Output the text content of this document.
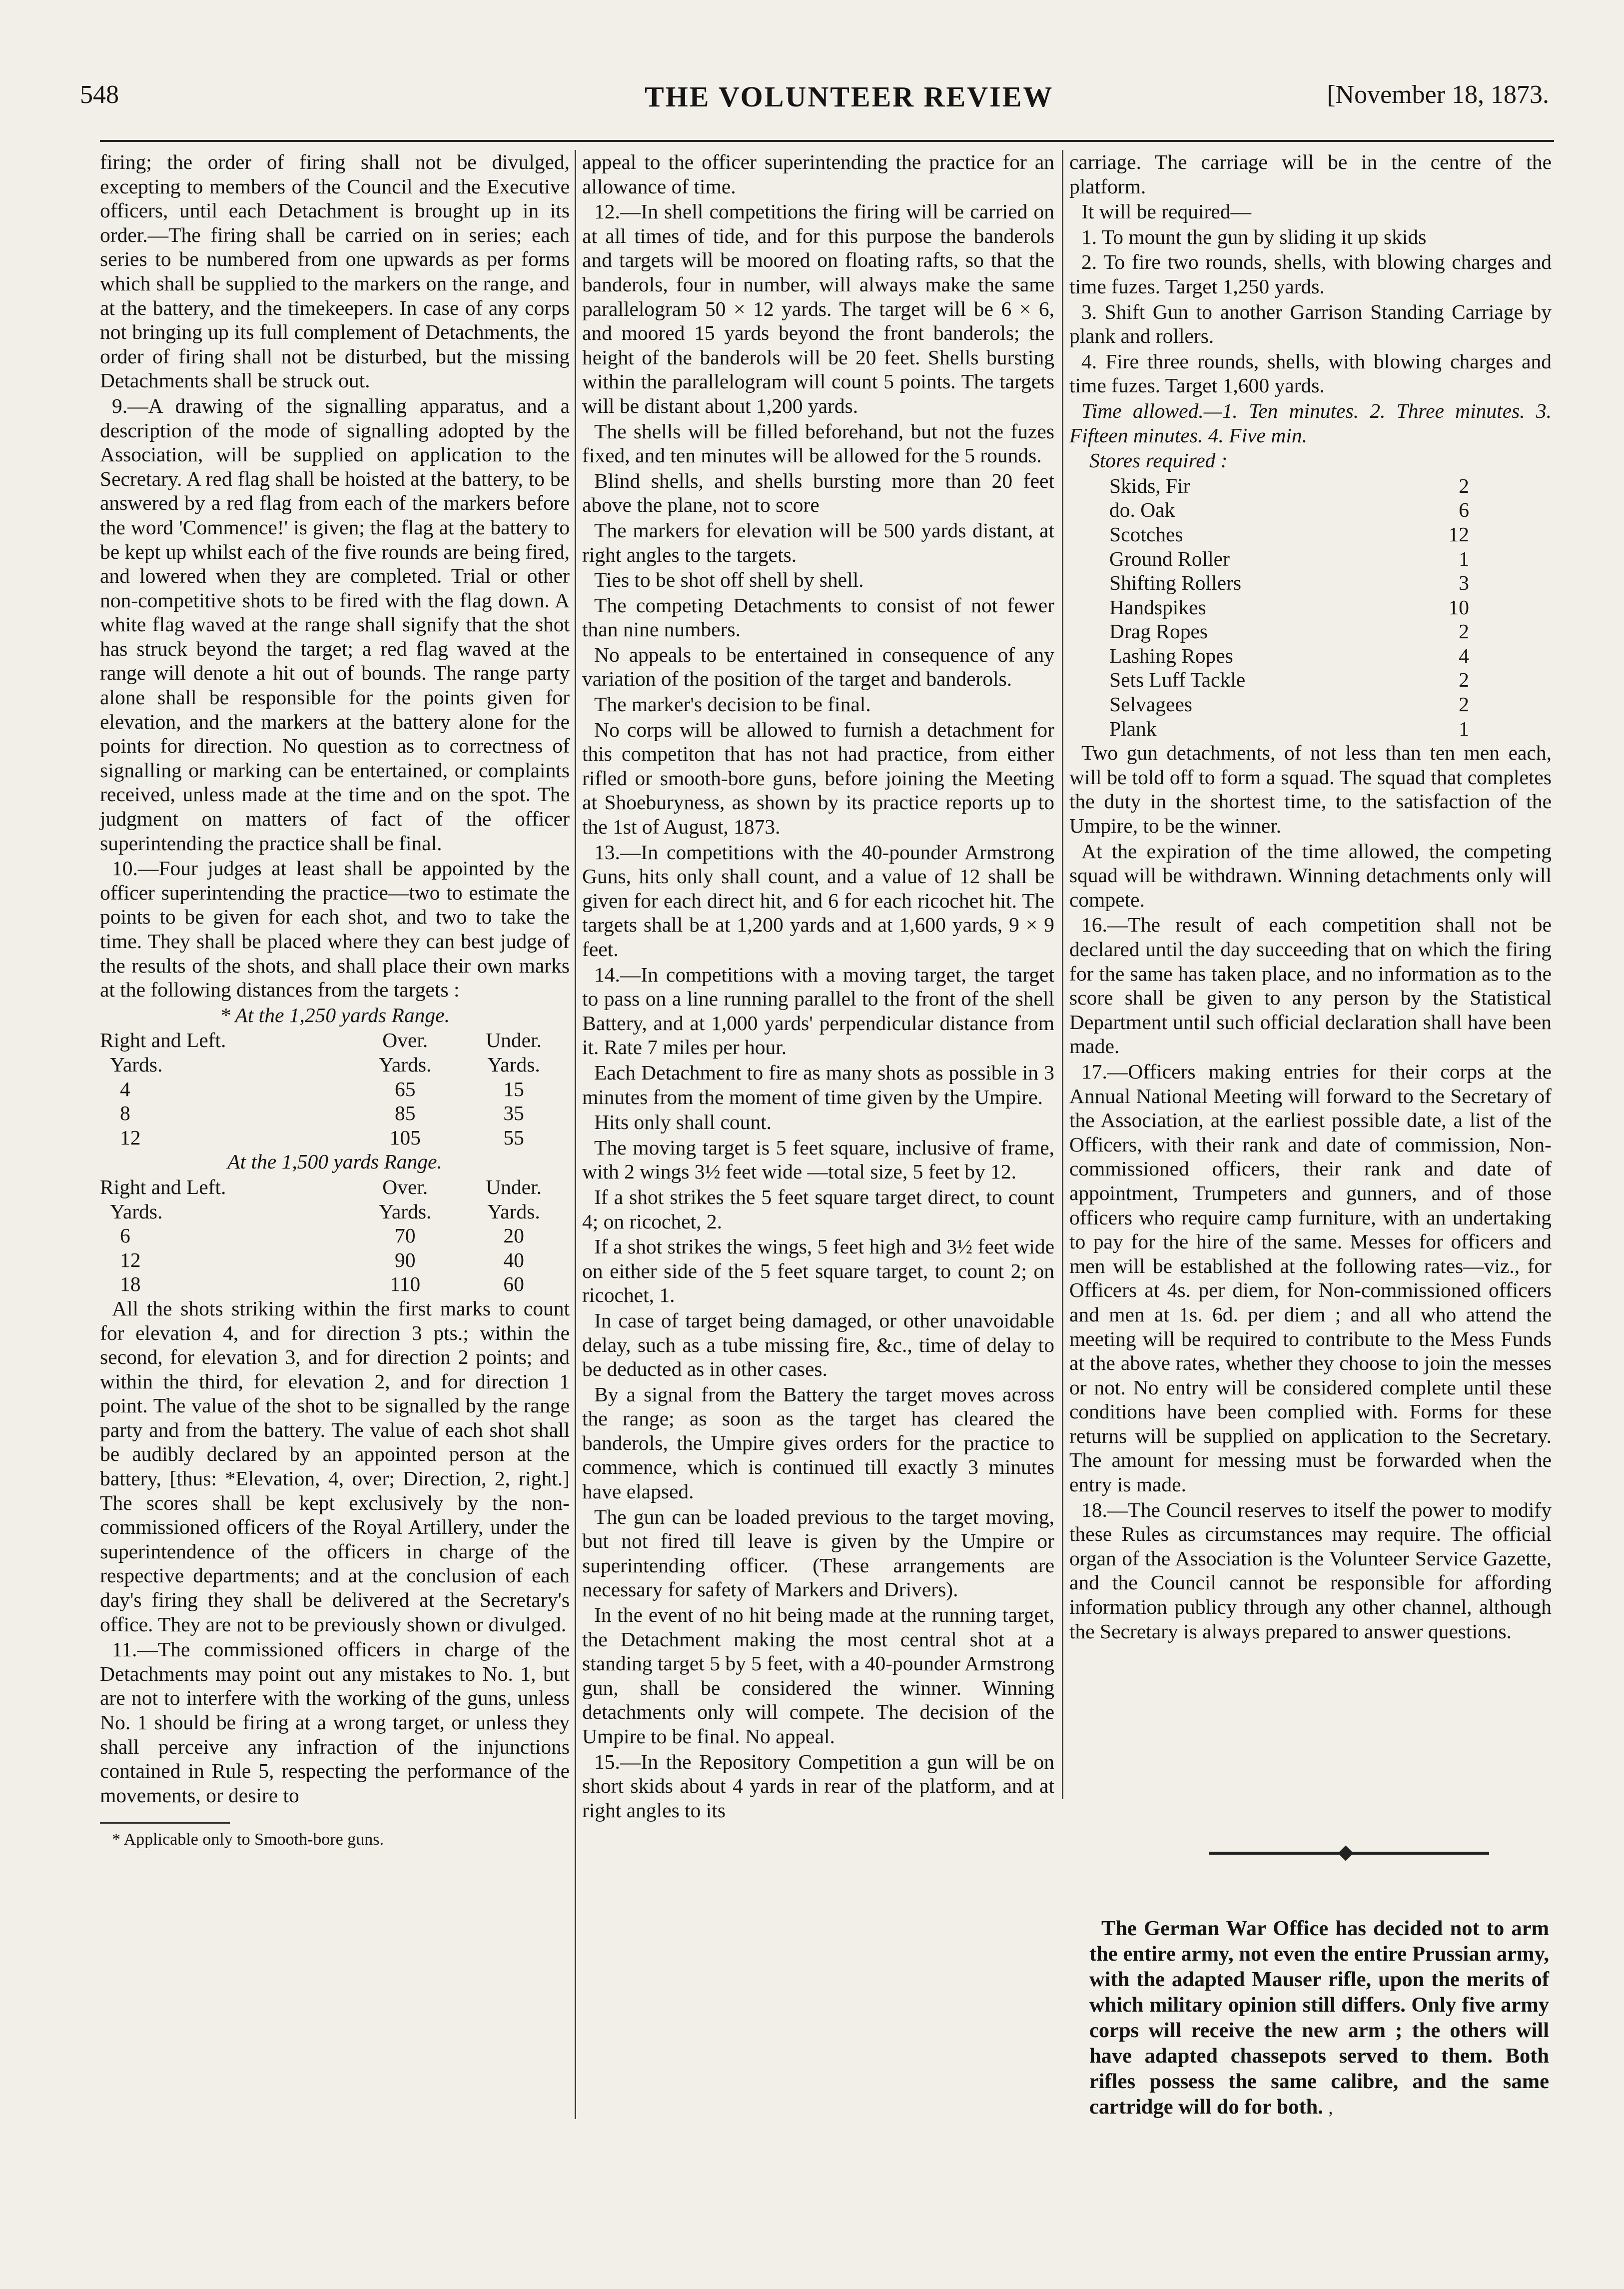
548	THE VOLUNTEER REVIEW	[November 18, 1873.

firing; the order of firing shall not be divulged, excepting to members of the Council and the Executive officers, until each Detachment is brought up in its order.—The firing shall be carried on in series; each series to be numbered from one upwards as per forms which shall be supplied to the markers on the range, and at the battery, and the timekeepers. In case of any corps not bringing up its full complement of Detachments, the order of firing shall not be disturbed, but the missing Detachments shall be struck out.

9.—A drawing of the signalling apparatus, and a description of the mode of signalling adopted by the Association, will be supplied on application to the Secretary. A red flag shall be hoisted at the battery, to be answered by a red flag from each of the markers before the word 'Commence!' is given; the flag at the battery to be kept up whilst each of the five rounds are being fired, and lowered when they are completed. Trial or other non-competitive shots to be fired with the flag down. A white flag waved at the range shall signify that the shot has struck beyond the target; a red flag waved at the range will denote a hit out of bounds. The range party alone shall be responsible for the points given for elevation, and the markers at the battery alone for the points for direction. No question as to correctness of signalling or marking can be entertained, or complaints received, unless made at the time and on the spot. The judgment on matters of fact of the officer superintending the practice shall be final.

10.—Four judges at least shall be appointed by the officer superintending the practice—two to estimate the points to be given for each shot, and two to take the time. They shall be placed where they can best judge of the results of the shots, and shall place their own marks at the following distances from the targets :

* At the 1,250 yards Range.

Right and Left.	Over.	Under.
Yards.	Yards.	Yards.
4	65	15
8	85	35
12	105	55

At the 1,500 yards Range.

Right and Left.	Over.	Under.
Yards.	Yards.	Yards.
6	70	20
12	90	40
18	110	60

All the shots striking within the first marks to count for elevation 4, and for direction 3 pts.; within the second, for elevation 3, and for direction 2 points; and within the third, for elevation 2, and for direction 1 point. The value of the shot to be signalled by the range party and from the battery. The value of each shot shall be audibly declared by an appointed person at the battery, [thus: *Elevation, 4, over; Direction, 2, right.] The scores shall be kept exclusively by the non-commissioned officers of the Royal Artillery, under the superintendence of the officers in charge of the respective departments; and at the conclusion of each day's firing they shall be delivered at the Secretary's office. They are not to be previously shown or divulged.

11.—The commissioned officers in charge of the Detachments may point out any mistakes to No. 1, but are not to interfere with the working of the guns, unless No. 1 should be firing at a wrong target, or unless they shall perceive any infraction of the injunctions contained in Rule 5, respecting the performance of the movements, or desire to

* Applicable only to Smooth-bore guns.

appeal to the officer superintending the practice for an allowance of time.

12.—In shell competitions the firing will be carried on at all times of tide, and for this purpose the banderols and targets will be moored on floating rafts, so that the banderols, four in number, will always make the same parallelogram 50 × 12 yards. The target will be 6 × 6, and moored 15 yards beyond the front banderols; the height of the banderols will be 20 feet. Shells bursting within the parallelogram will count 5 points. The targets will be distant about 1,200 yards.

The shells will be filled beforehand, but not the fuzes fixed, and ten minutes will be allowed for the 5 rounds.

Blind shells, and shells bursting more than 20 feet above the plane, not to score

The markers for elevation will be 500 yards distant, at right angles to the targets.

Ties to be shot off shell by shell.

The competing Detachments to consist of not fewer than nine numbers.

No appeals to be entertained in consequence of any variation of the position of the target and banderols.

The marker's decision to be final.

No corps will be allowed to furnish a detachment for this competiton that has not had practice, from either rifled or smooth-bore guns, before joining the Meeting at Shoeburyness, as shown by its practice reports up to the 1st of August, 1873.

13.—In competitions with the 40-pounder Armstrong Guns, hits only shall count, and a value of 12 shall be given for each direct hit, and 6 for each ricochet hit. The targets shall be at 1,200 yards and at 1,600 yards, 9 × 9 feet.

14.—In competitions with a moving target, the target to pass on a line running parallel to the front of the shell Battery, and at 1,000 yards' perpendicular distance from it. Rate 7 miles per hour.

Each Detachment to fire as many shots as possible in 3 minutes from the moment of time given by the Umpire.

Hits only shall count.

The moving target is 5 feet square, inclusive of frame, with 2 wings 3½ feet wide —total size, 5 feet by 12.

If a shot strikes the 5 feet square target direct, to count 4; on ricochet, 2.

If a shot strikes the wings, 5 feet high and 3½ feet wide on either side of the 5 feet square target, to count 2; on ricochet, 1.

In case of target being damaged, or other unavoidable delay, such as a tube missing fire, &c., time of delay to be deducted as in other cases.

By a signal from the Battery the target moves across the range; as soon as the target has cleared the banderols, the Umpire gives orders for the practice to commence, which is continued till exactly 3 minutes have elapsed.

The gun can be loaded previous to the target moving, but not fired till leave is given by the Umpire or superintending officer. (These arrangements are necessary for safety of Markers and Drivers).

In the event of no hit being made at the running target, the Detachment making the most central shot at a standing target 5 by 5 feet, with a 40-pounder Armstrong gun, shall be considered the winner. Winning detachments only will compete. The decision of the Umpire to be final. No appeal.

15.—In the Repository Competition a gun will be on short skids about 4 yards in rear of the platform, and at right angles to its

carriage. The carriage will be in the centre of the platform.

It will be required—

1. To mount the gun by sliding it up skids

2. To fire two rounds, shells, with blowing charges and time fuzes. Target 1,250 yards.

3. Shift Gun to another Garrison Standing Carriage by plank and rollers.

4. Fire three rounds, shells, with blowing charges and time fuzes. Target 1,600 yards.

Time allowed.—1. Ten minutes. 2. Three minutes. 3. Fifteen minutes. 4. Five min.

Stores required :

Skids, Fir	2
do. Oak	6
Scotches	12
Ground Roller	1
Shifting Rollers	3
Handspikes	10
Drag Ropes	2
Lashing Ropes	4
Sets Luff Tackle	2
Selvagees	2
Plank	1

Two gun detachments, of not less than ten men each, will be told off to form a squad. The squad that completes the duty in the shortest time, to the satisfaction of the Umpire, to be the winner.

At the expiration of the time allowed, the competing squad will be withdrawn. Winning detachments only will compete.

16.—The result of each competition shall not be declared until the day succeeding that on which the firing for the same has taken place, and no information as to the score shall be given to any person by the Statistical Department until such official declaration shall have been made.

17.—Officers making entries for their corps at the Annual National Meeting will forward to the Secretary of the Association, at the earliest possible date, a list of the Officers, with their rank and date of commission, Non-commissioned officers, their rank and date of appointment, Trumpeters and gunners, and of those officers who require camp furniture, with an undertaking to pay for the hire of the same. Messes for officers and men will be established at the following rates—viz., for Officers at 4s. per diem, for Non-commissioned officers and men at 1s. 6d. per diem ; and all who attend the meeting will be required to contribute to the Mess Funds at the above rates, whether they choose to join the messes or not. No entry will be considered complete until these conditions have been complied with. Forms for these returns will be supplied on application to the Secretary. The amount for messing must be forwarded when the entry is made.

18.—The Council reserves to itself the power to modify these Rules as circumstances may require. The official organ of the Association is the Volunteer Service Gazette, and the Council cannot be responsible for affording information publicy through any other channel, although the Secretary is always prepared to answer questions.

The German War Office has decided not to arm the entire army, not even the entire Prussian army, with the adapted Mauser rifle, upon the merits of which military opinion still differs. Only five army corps will receive the new arm ; the others will have adapted chassepots served to them. Both rifles possess the same calibre, and the same cartridge will do for both. ,
